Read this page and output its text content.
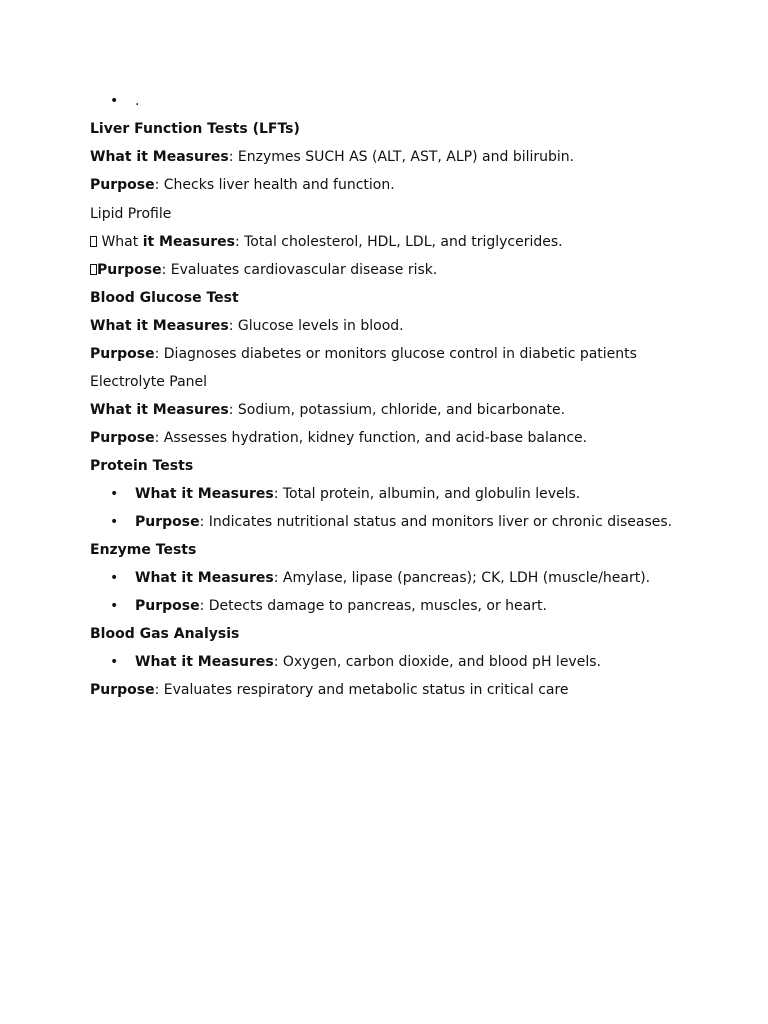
• .
Liver Function Tests (LFTs)
What it Measures: Enzymes SUCH AS (ALT, AST, ALP) and bilirubin.
Purpose: Checks liver health and function.
Lipid Profile
What it Measures: Total cholesterol, HDL, LDL, and triglycerides.
Purpose: Evaluates cardiovascular disease risk.
Blood Glucose Test
What it Measures: Glucose levels in blood.
Purpose: Diagnoses diabetes or monitors glucose control in diabetic patients
Electrolyte Panel
What it Measures: Sodium, potassium, chloride, and bicarbonate.
Purpose: Assesses hydration, kidney function, and acid-base balance.
Protein Tests
• What it Measures: Total protein, albumin, and globulin levels.
• Purpose: Indicates nutritional status and monitors liver or chronic diseases.
Enzyme Tests
• What it Measures: Amylase, lipase (pancreas); CK, LDH (muscle/heart).
• Purpose: Detects damage to pancreas, muscles, or heart.
Blood Gas Analysis
• What it Measures: Oxygen, carbon dioxide, and blood pH levels.
Purpose: Evaluates respiratory and metabolic status in critical care
